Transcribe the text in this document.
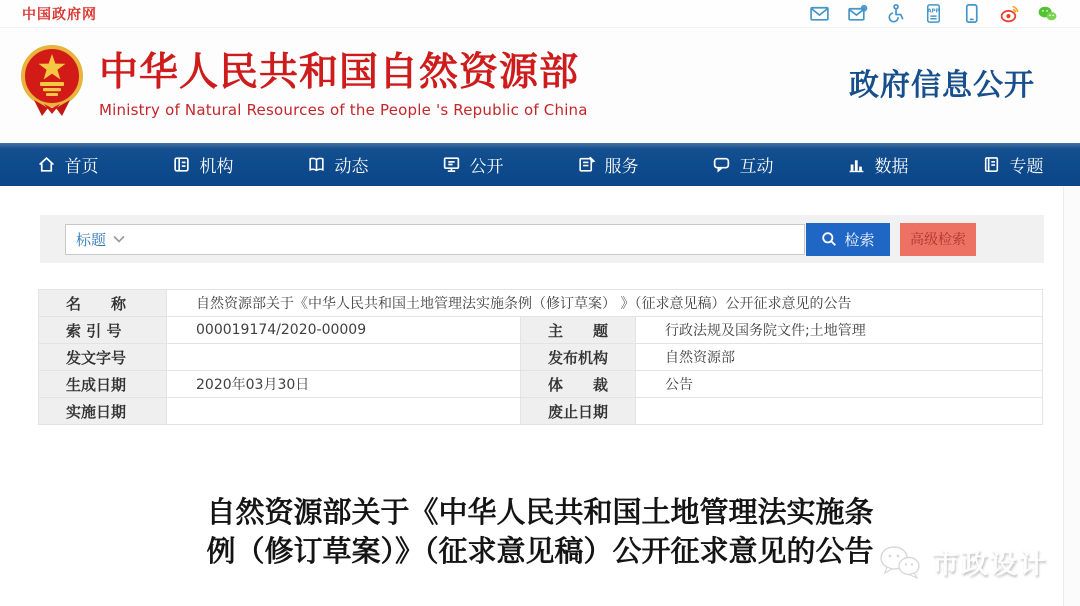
中国政府网	APP
中华人民共和国自然资源部
Ministry of Natural Resources of the People 's Republic of China
政府信息公开
首页	机构	动态	公开	服务	互动	数据	专题
标题	检索	高级检索
名　　称	自然资源部关于《中华人民共和国土地管理法实施条例（修订草案） 》（征求意见稿）公开征求意见的公告		
索 引 号	000019174/2020-00009	主　　题	行政法规及国务院文件;土地管理
发文字号		发布机构	自然资源部
生成日期	2020年03月30日	体　　裁	公告
实施日期		废止日期	
自然资源部关于《中华人民共和国土地管理法实施条例（修订草案）》（征求意见稿）公开征求意见的公告 市政设计
